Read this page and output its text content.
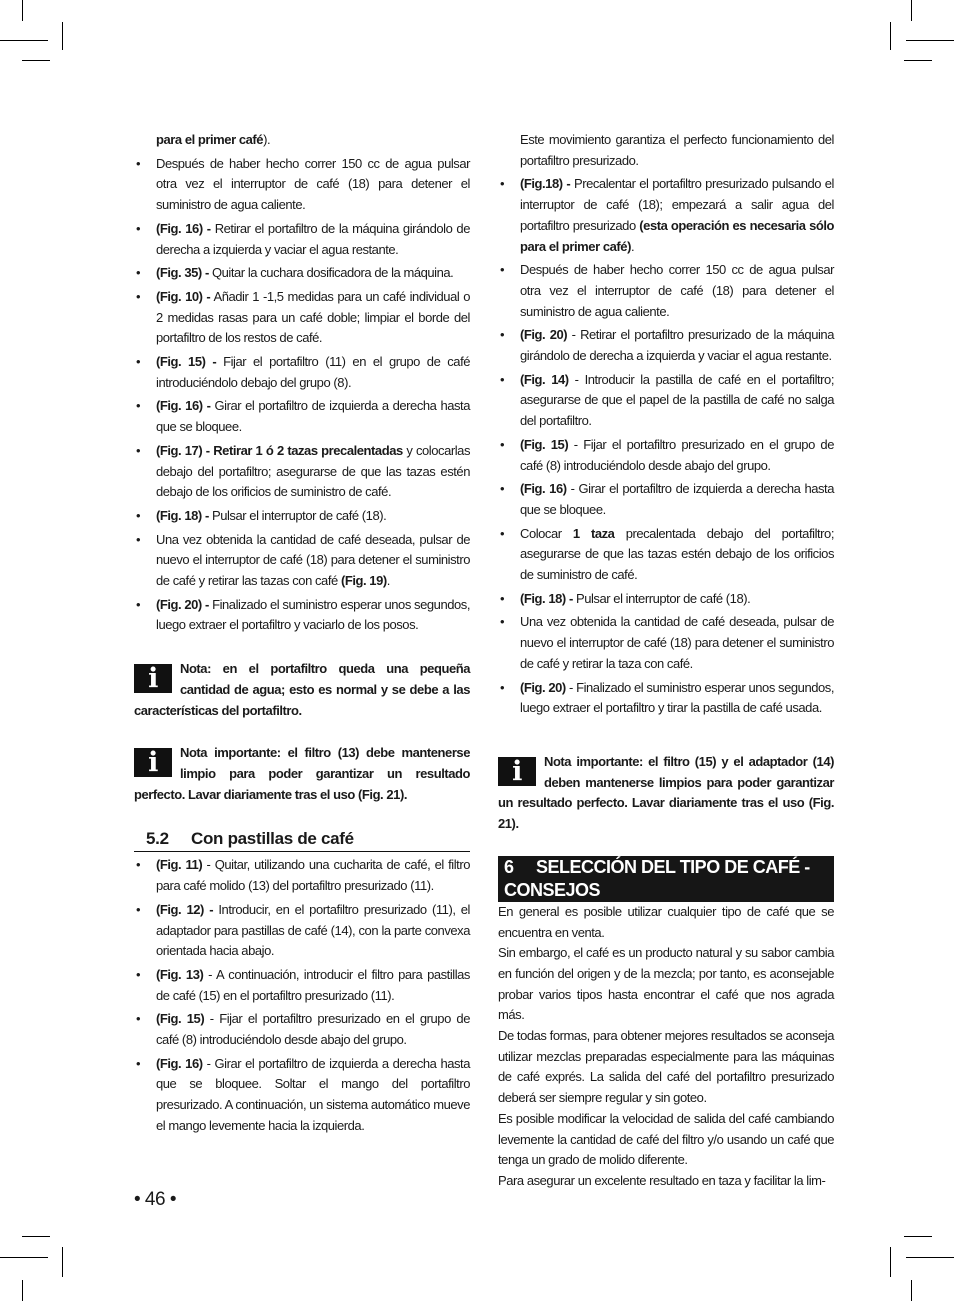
para el primer café).

• Después de haber hecho correr 150 cc de agua pulsar otra vez el interruptor de café (18) para detener el suministro de agua caliente.
• (Fig. 16) - Retirar el portafiltro de la máquina girándolo de derecha a izquierda y vaciar el agua restante.
• (Fig. 35) - Quitar la cuchara dosificadora de la máquina.
• (Fig. 10) - Añadir 1 -1,5 medidas para un café individual o 2 medidas rasas para un café doble; limpiar el borde del portafiltro de los restos de café.
• (Fig. 15) - Fijar el portafiltro (11) en el grupo de café introduciéndolo debajo del grupo (8).
• (Fig. 16) - Girar el portafiltro de izquierda a derecha hasta que se bloquee.
• (Fig. 17) - Retirar 1 ó 2 tazas precalentadas y colocarlas debajo del portafiltro; asegurarse de que las tazas estén debajo de los orificios de suministro de café.
• (Fig. 18) - Pulsar el interruptor de café (18).
• Una vez obtenida la cantidad de café deseada, pulsar de nuevo el interruptor de café (18) para detener el suministro de café y retirar las tazas con café (Fig. 19).
• (Fig. 20) - Finalizado el suministro esperar unos segundos, luego extraer el portafiltro y vaciarlo de los posos.

i	Nota: en el portafiltro queda una pequeña cantidad de agua; esto es normal y se debe a las características del portafiltro.

i	Nota importante: el filtro (13) debe mantenerse limpio para poder garantizar un resultado perfecto. Lavar diariamente tras el uso (Fig. 21).

5.2 Con pastillas de café
• (Fig. 11) - Quitar, utilizando una cucharita de café, el filtro para café molido (13) del portafiltro presurizado (11).
• (Fig. 12) - Introducir, en el portafiltro presurizado (11), el adaptador para pastillas de café (14), con la parte convexa orientada hacia abajo.
• (Fig. 13) - A continuación, introducir el filtro para pastillas de café (15) en el portafiltro presurizado (11).
• (Fig. 15) - Fijar el portafiltro presurizado en el grupo de café (8) introduciéndolo desde abajo del grupo.
• (Fig. 16) - Girar el portafiltro de izquierda a derecha hasta que se bloquee. Soltar el mango del portafiltro presurizado. A continuación, un sistema automático mueve el mango levemente hacia la izquierda.

Este movimiento garantiza el perfecto funcionamiento del portafiltro presurizado.

• (Fig.18) - Precalentar el portafiltro presurizado pulsando el interruptor de café (18); empezará a salir agua del portafiltro presurizado (esta operación es necesaria sólo para el primer café).
• Después de haber hecho correr 150 cc de agua pulsar otra vez el interruptor de café (18) para detener el suministro de agua caliente.
• (Fig. 20) - Retirar el portafiltro presurizado de la máquina girándolo de derecha a izquierda y vaciar el agua restante.
• (Fig. 14) - Introducir la pastilla de café en el portafiltro; asegurarse de que el papel de la pastilla de café no salga del portafiltro.
• (Fig. 15) - Fijar el portafiltro presurizado en el grupo de café (8) introduciéndolo desde abajo del grupo.
• (Fig. 16) - Girar el portafiltro de izquierda a derecha hasta que se bloquee.
• Colocar 1 taza precalentada debajo del portafiltro; asegurarse de que las tazas estén debajo de los orificios de suministro de café.
• (Fig. 18) - Pulsar el interruptor de café (18).
• Una vez obtenida la cantidad de café deseada, pulsar de nuevo el interruptor de café (18) para detener el suministro de café y retirar la taza con café.
• (Fig. 20) - Finalizado el suministro esperar unos segundos, luego extraer el portafiltro y tirar la pastilla de café usada.

i	Nota importante: el filtro (15) y el adaptador (14) deben mantenerse limpios para poder garantizar un resultado perfecto. Lavar diariamente tras el uso (Fig. 21).

6 SELECCIÓN DEL TIPO DE CAFÉ - CONSEJOS

En general es posible utilizar cualquier tipo de café que se encuentra en venta.

Sin embargo, el café es un producto natural y su sabor cambia en función del origen y de la mezcla; por tanto, es aconsejable probar varios tipos hasta encontrar el café que nos agrada más.

De todas formas, para obtener mejores resultados se aconseja utilizar mezclas preparadas especialmente para las máquinas de café exprés. La salida del café del portafiltro presurizado deberá ser siempre regular y sin goteo.

Es posible modificar la velocidad de salida del café cambiando levemente la cantidad de café del filtro y/o usando un café que tenga un grado de molido diferente.

Para asegurar un excelente resultado en taza y facilitar la lim-

• 46 •
